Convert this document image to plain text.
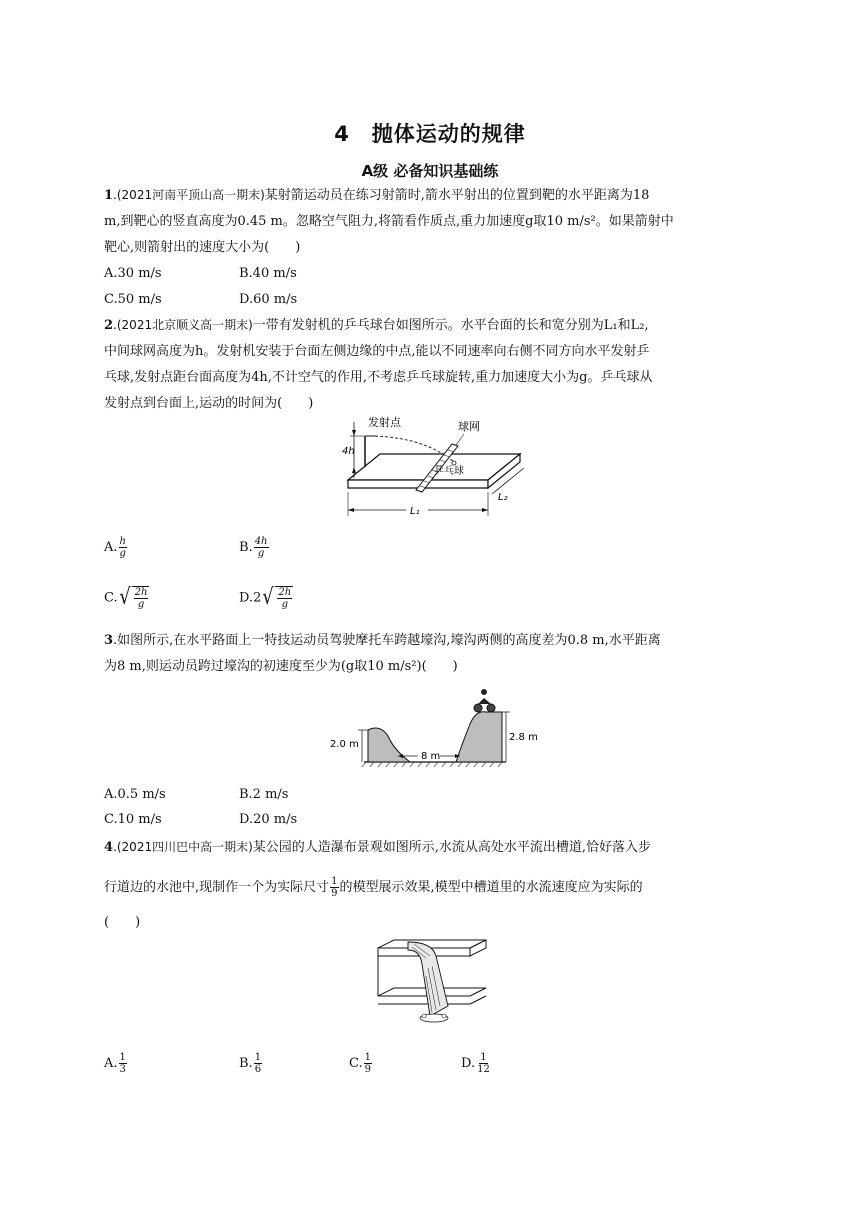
4　抛体运动的规律
A级 必备知识基础练
1.(2021河南平顶山高一期末)某射箭运动员在练习射箭时,箭水平射出的位置到靶的水平距离为18
m,到靶心的竖直高度为0.45 m。忽略空气阻力,将箭看作质点,重力加速度g取10 m/s²。如果箭射中
靶心,则箭射出的速度大小为(　　)
A.30 m/s	B.40 m/s
C.50 m/s	D.60 m/s
2.(2021北京顺义高一期末)一带有发射机的乒乓球台如图所示。水平台面的长和宽分别为L₁和L₂,
中间球网高度为h。发射机安装于台面左侧边缘的中点,能以不同速率向右侧不同方向水平发射乒
乓球,发射点距台面高度为4h,不计空气的作用,不考虑乒乓球旋转,重力加速度大小为g。乒乓球从
发射点到台面上,运动的时间为(　　)
4h
发射点	球网
乒乓球
L₁
L₂
A. $\frac{h}{g}$	B. $\frac{4h}{g}$
C. √ $\frac{2h}{g}$	D.2 √ $\frac{2h}{g}$
3.如图所示,在水平路面上一特技运动员驾驶摩托车跨越壕沟,壕沟两侧的高度差为0.8 m,水平距离
为8 m,则运动员跨过壕沟的初速度至少为(g取10 m/s²)(　　)
2.0 m
2.8 m
8 m
A.0.5 m/s	B.2 m/s
C.10 m/s	D.20 m/s
4.(2021四川巴中高一期末)某公园的人造瀑布景观如图所示,水流从高处水平流出槽道,恰好落入步
行道边的水池中,现制作一个为实际尺寸 $\frac{1}{9}$ 的模型展示效果,模型中槽道里的水流速度应为实际的
(　　)
A. $\frac{1}{3}$	B. $\frac{1}{6}$	C. $\frac{1}{9}$	D. $\frac{1}{12}$
